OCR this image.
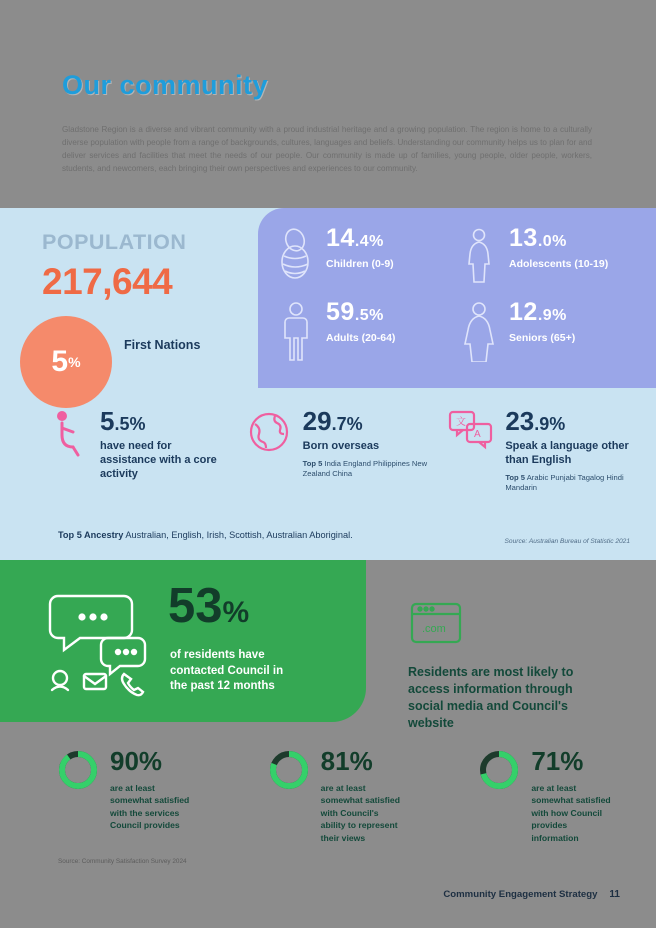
Our community
Gladstone Region is a diverse and vibrant community with a proud industrial heritage and a growing population. The region is home to a culturally diverse population with people from a range of backgrounds, cultures, languages and beliefs. Understanding our community helps us to plan for and deliver services and facilities that meet the needs of our people. Our community is made up of families, young people, older people, workers, students, and newcomers, each bringing their own perspectives and experiences to our community.
POPULATION
217,644
5 %
First Nations
14.4%
Children (0-9)
13.0%
Adolescents (10-19)
59.5%
Adults (20-64)
12.9%
Seniors (65+)
5.5%
have need for assistance with a core activity
29.7%
Born overseas
Top 5 India England Philippines New Zealand China
文
A 23.9%
Speak a language other than English
Top 5 Arabic Punjabi Tagalog Hindi Mandarin
Top 5 Ancestry Australian, English, Irish, Scottish, Australian Aboriginal.
Source: Australian Bureau of Statistic 2021
53%
of residents have contacted Council in the past 12 months
.com
Residents are most likely to access information through social media and Council's website
90%
are at least somewhat satisfied with the services Council provides
81%
are at least somewhat satisfied with Council's ability to represent their views
71%
are at least somewhat satisfied with how Council provides information
Source: Community Satisfaction Survey 2024
Community Engagement Strategy 11
